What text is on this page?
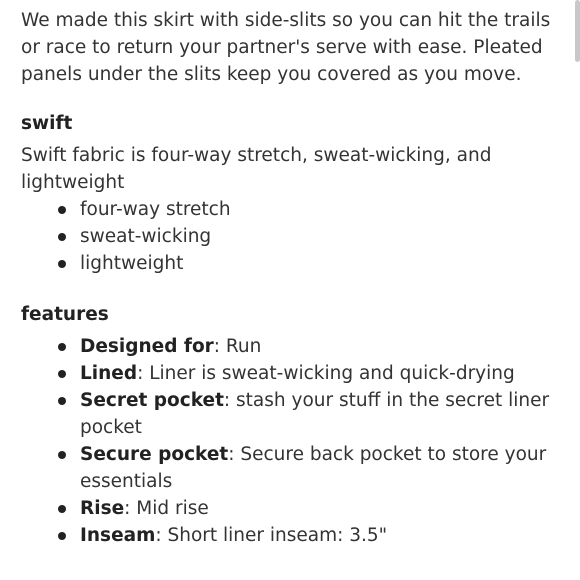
We made this skirt with side-slits so you can hit the trails or race to return your partner's serve with ease. Pleated panels under the slits keep you covered as you move.

swift

Swift fabric is four-way stretch, sweat-wicking, and lightweight

four-way stretch
sweat-wicking
lightweight
features
Designed for: Run
Lined: Liner is sweat-wicking and quick-drying
Secret pocket: stash your stuff in the secret liner pocket
Secure pocket: Secure back pocket to store your essentials
Rise: Mid rise
Inseam: Short liner inseam: 3.5"
